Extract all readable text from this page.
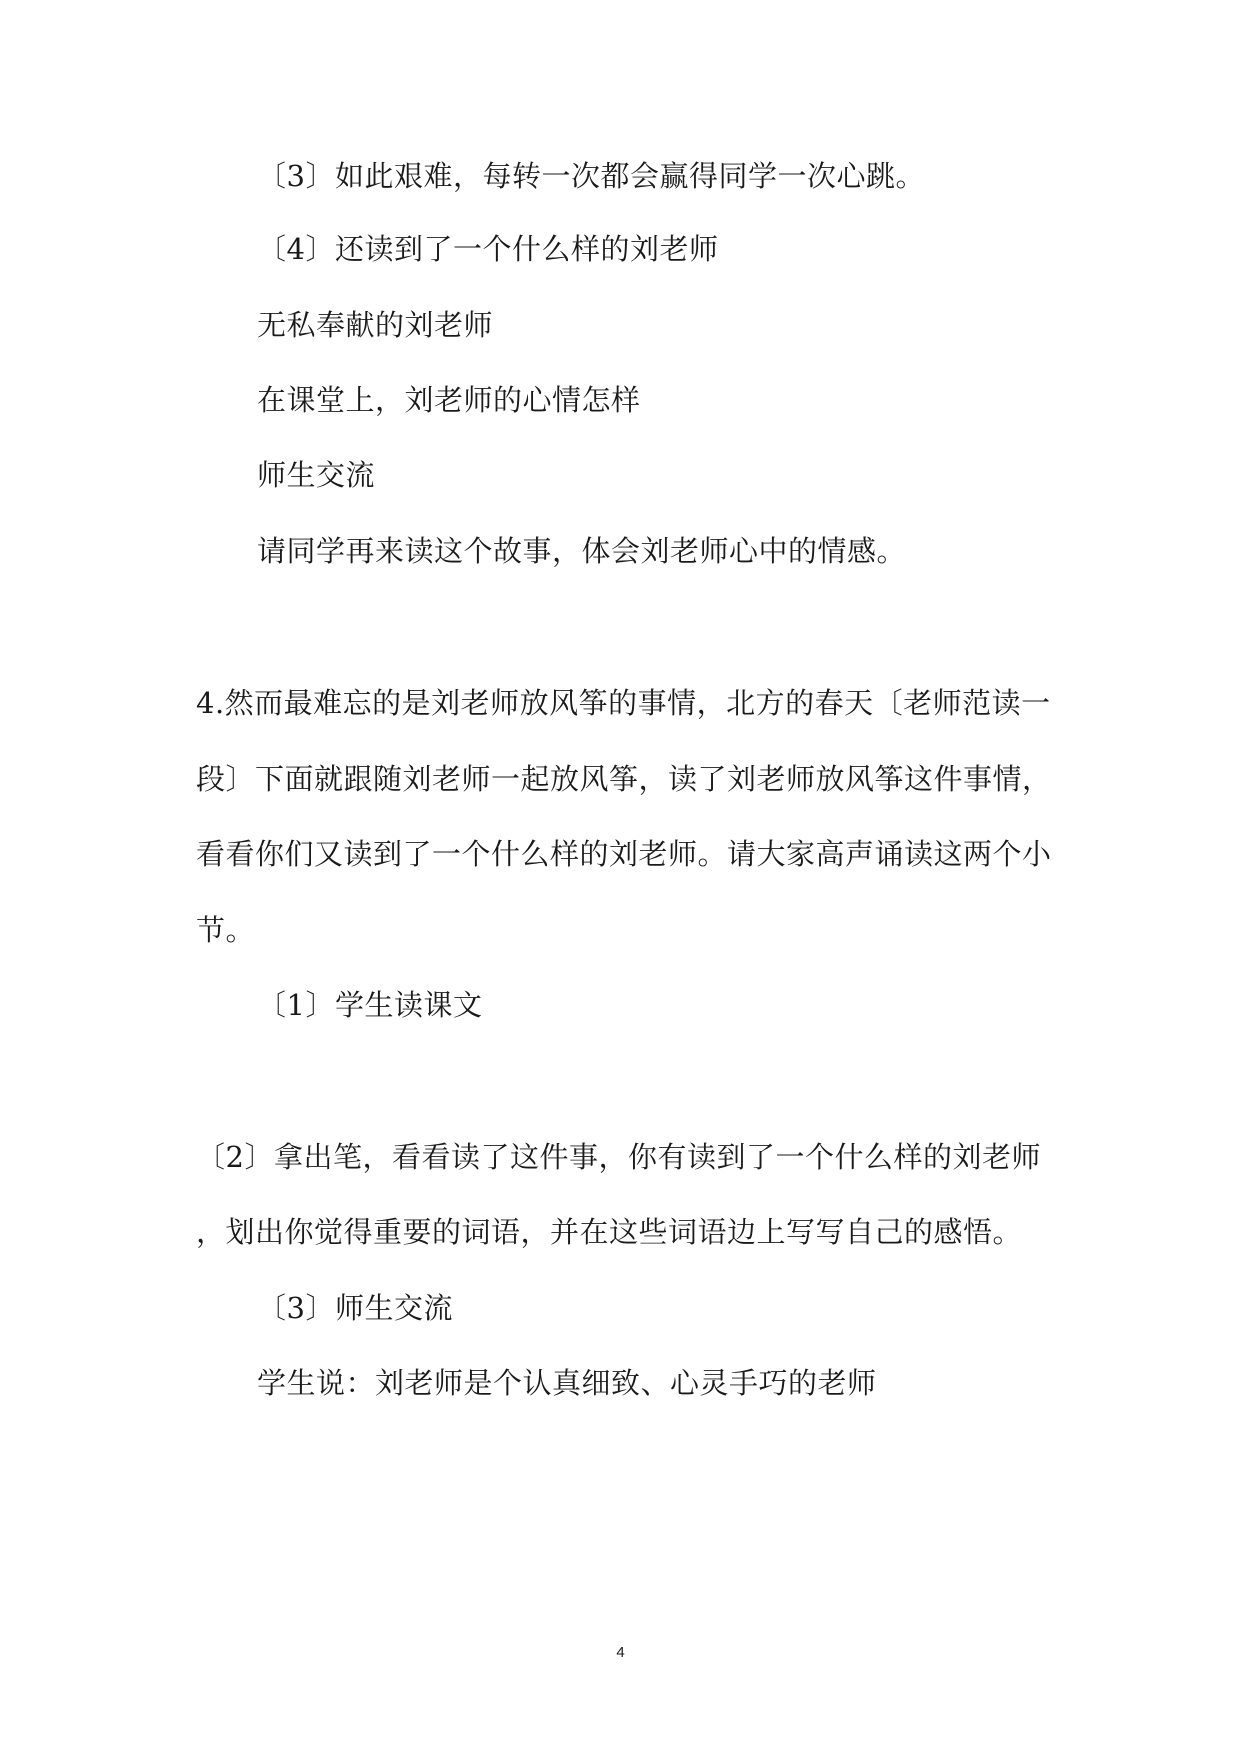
〔3〕如此艰难，每转一次都会赢得同学一次心跳。
〔4〕还读到了一个什么样的刘老师
无私奉献的刘老师
在课堂上，刘老师的心情怎样
师生交流
请同学再来读这个故事，体会刘老师心中的情感。
4.然而最难忘的是刘老师放风筝的事情，北方的春天〔老师范读一
段〕下面就跟随刘老师一起放风筝，读了刘老师放风筝这件事情，
看看你们又读到了一个什么样的刘老师。请大家高声诵读这两个小
节。
〔1〕学生读课文
〔2〕拿出笔，看看读了这件事，你有读到了一个什么样的刘老师
，划出你觉得重要的词语，并在这些词语边上写写自己的感悟。
〔3〕师生交流
学生说：刘老师是个认真细致、心灵手巧的老师
4
